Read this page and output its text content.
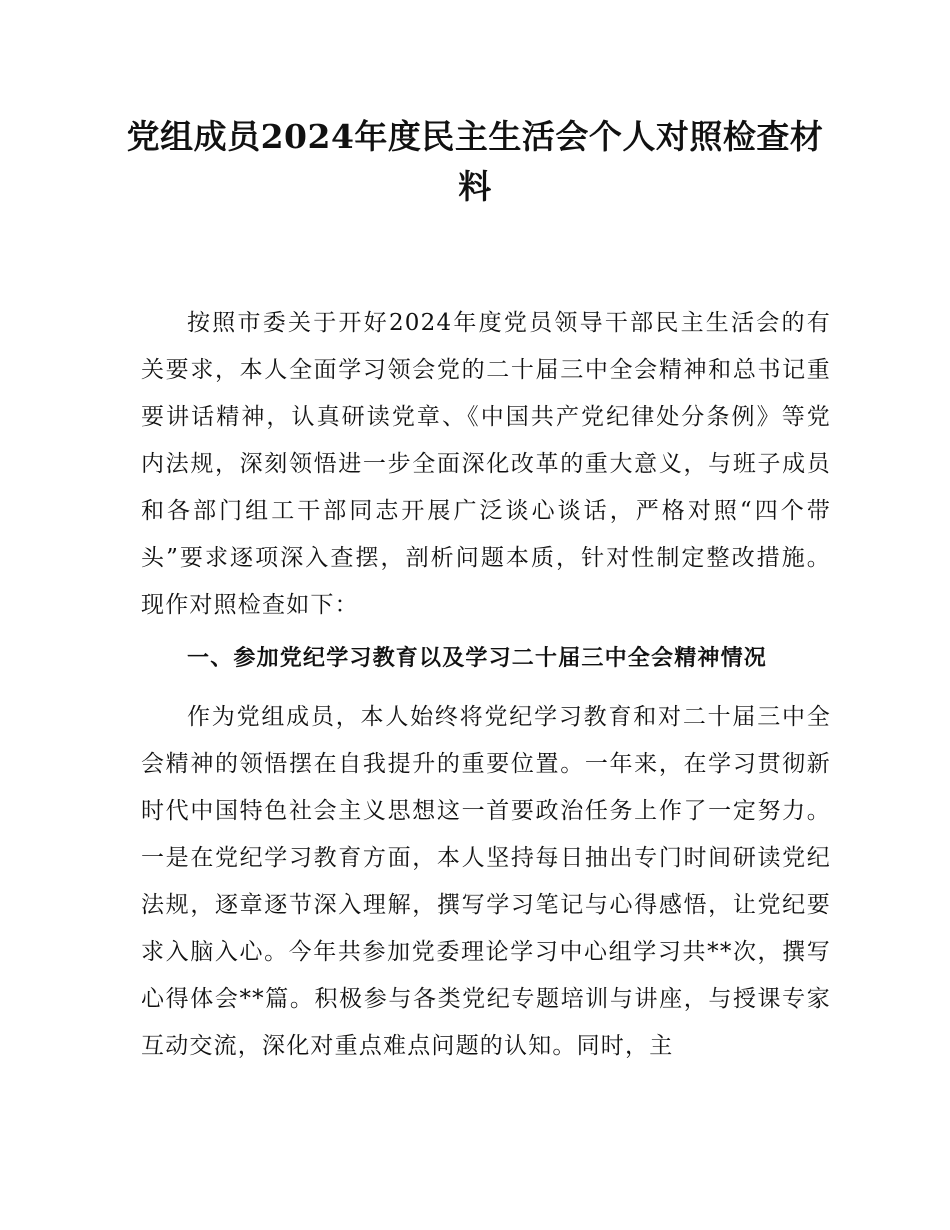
党组成员2024年度民主生活会个人对照检查材料

按照市委关于开好2024年度党员领导干部民主生活会的有关要求，本人全面学习领会党的二十届三中全会精神和总书记重要讲话精神，认真研读党章、《中国共产党纪律处分条例》等党内法规，深刻领悟进一步全面深化改革的重大意义，与班子成员和各部门组工干部同志开展广泛谈心谈话，严格对照“四个带头”要求逐项深入查摆，剖析问题本质，针对性制定整改措施。现作对照检查如下：

一、参加党纪学习教育以及学习二十届三中全会精神情况

作为党组成员，本人始终将党纪学习教育和对二十届三中全会精神的领悟摆在自我提升的重要位置。一年来，在学习贯彻新时代中国特色社会主义思想这一首要政治任务上作了一定努力。一是在党纪学习教育方面，本人坚持每日抽出专门时间研读党纪法规，逐章逐节深入理解，撰写学习笔记与心得感悟，让党纪要求入脑入心。今年共参加党委理论学习中心组学习共**次，撰写心得体会**篇。积极参与各类党纪专题培训与讲座，与授课专家互动交流，深化对重点难点问题的认知。同时，主
